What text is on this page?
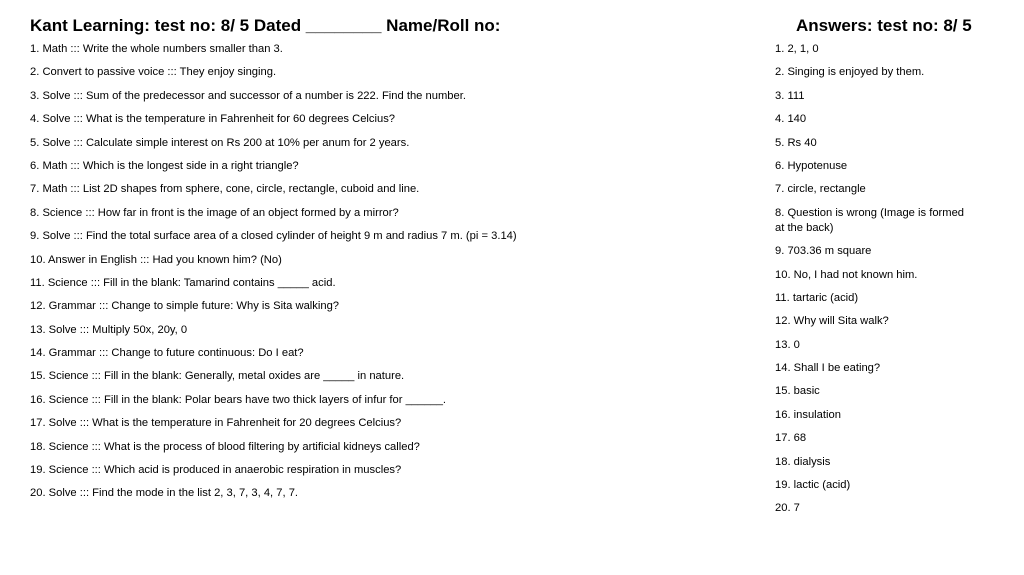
Kant Learning: test no: 8/ 5 Dated ________ Name/Roll no:	Answers: test no: 8/ 5
1. Math ::: Write the whole numbers smaller than 3.
2. Convert to passive voice ::: They enjoy singing.
3. Solve ::: Sum of the predecessor and successor of a number is 222. Find the number.
4. Solve ::: What is the temperature in Fahrenheit for 60 degrees Celcius?
5. Solve ::: Calculate simple interest on Rs 200 at 10% per anum for 2 years.
6. Math ::: Which is the longest side in a right triangle?
7. Math ::: List 2D shapes from sphere, cone, circle, rectangle, cuboid and line.
8. Science ::: How far in front is the image of an object formed by a mirror?
9. Solve ::: Find the total surface area of a closed cylinder of height 9 m and radius 7 m. (pi = 3.14)
10. Answer in English ::: Had you known him? (No)
11. Science ::: Fill in the blank: Tamarind contains _____ acid.
12. Grammar ::: Change to simple future: Why is Sita walking?
13. Solve ::: Multiply 50x, 20y, 0
14. Grammar ::: Change to future continuous: Do I eat?
15. Science ::: Fill in the blank: Generally, metal oxides are _____ in nature.
16. Science ::: Fill in the blank: Polar bears have two thick layers of infur for ______.
17. Solve ::: What is the temperature in Fahrenheit for 20 degrees Celcius?
18. Science ::: What is the process of blood filtering by artificial kidneys called?
19. Science ::: Which acid is produced in anaerobic respiration in muscles?
20. Solve ::: Find the mode in the list 2, 3, 7, 3, 4, 7, 7.
1. 2, 1, 0
2. Singing is enjoyed by them.
3. 111
4. 140
5. Rs 40
6. Hypotenuse
7. circle, rectangle
8. Question is wrong (Image is formed at the back)
9. 703.36 m square
10. No, I had not known him.
11. tartaric (acid)
12. Why will Sita walk?
13. 0
14. Shall I be eating?
15. basic
16. insulation
17. 68
18. dialysis
19. lactic (acid)
20. 7
